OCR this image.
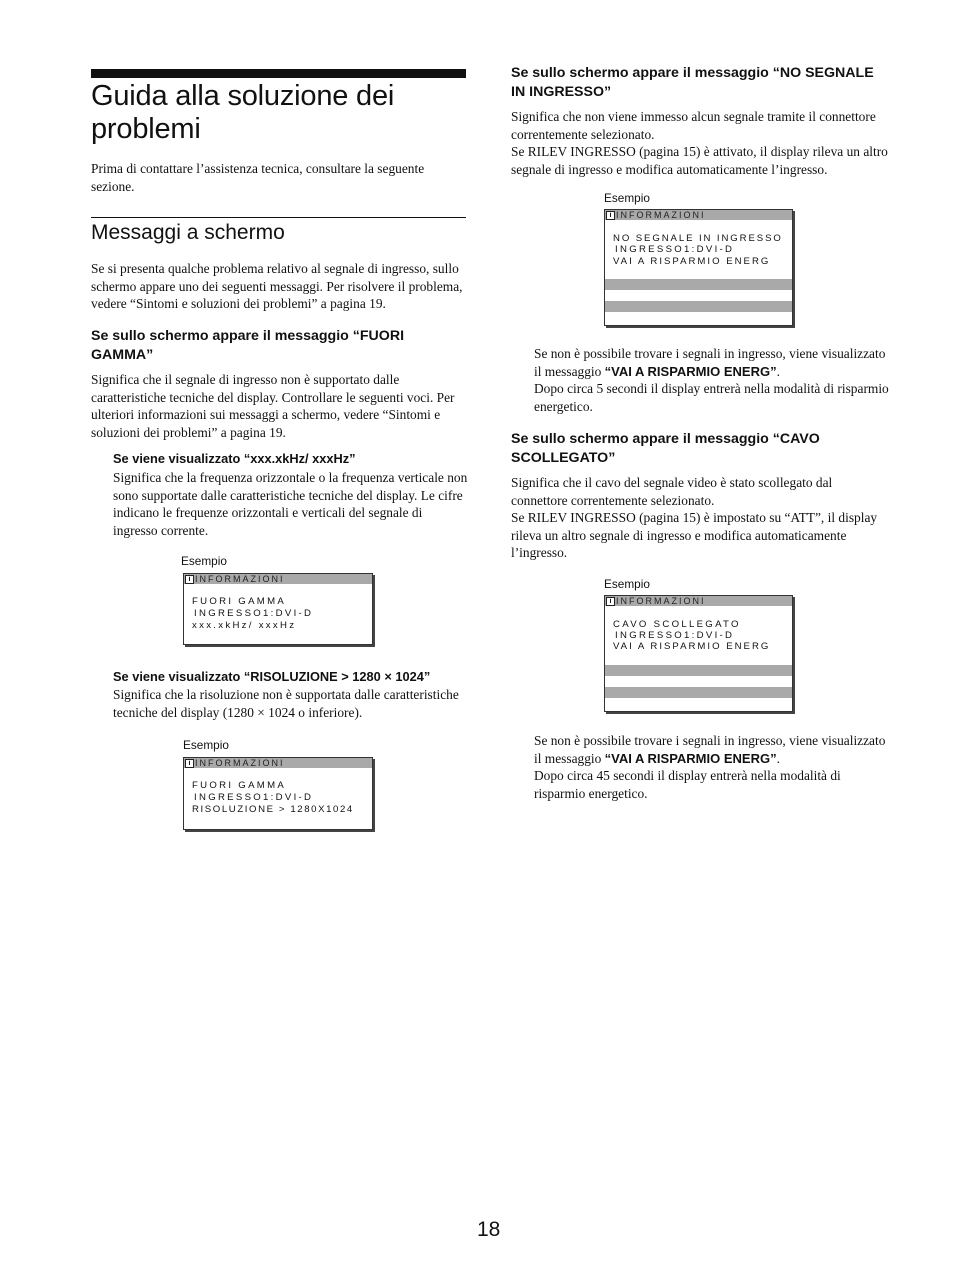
Guida alla soluzione dei problemi
Prima di contattare l’assistenza tecnica, consultare la seguente sezione.
Messaggi a schermo
Se si presenta qualche problema relativo al segnale di ingresso, sullo schermo appare uno dei seguenti messaggi. Per risolvere il problema, vedere “Sintomi e soluzioni dei problemi” a pagina 19.
Se sullo schermo appare il messaggio “FUORI GAMMA”
Significa che il segnale di ingresso non è supportato dalle caratteristiche tecniche del display. Controllare le seguenti voci. Per ulteriori informazioni sui messaggi a schermo, vedere “Sintomi e soluzioni dei problemi” a pagina 19.
Se viene visualizzato “xxx.xkHz/ xxxHz”
Significa che la frequenza orizzontale o la frequenza verticale non sono supportate dalle caratteristiche tecniche del display. Le cifre indicano le frequenze orizzontali e verticali del segnale di ingresso corrente.
Esempio
i INFORMAZIONI
FUORI GAMMA
INGRESSO1:DVI-D
xxx.xkHz/ xxxHz
Se viene visualizzato “RISOLUZIONE > 1280 × 1024”
Significa che la risoluzione non è supportata dalle caratteristiche tecniche del display (1280 × 1024 o inferiore).
Esempio
i INFORMAZIONI
FUORI GAMMA
INGRESSO1:DVI-D
RISOLUZIONE > 1280X1024
Se sullo schermo appare il messaggio “NO SEGNALE IN INGRESSO”
Significa che non viene immesso alcun segnale tramite il connettore correntemente selezionato.
Se RILEV INGRESSO (pagina 15) è attivato, il display rileva un altro segnale di ingresso e modifica automaticamente l’ingresso.
Esempio
i INFORMAZIONI
NO SEGNALE IN INGRESSO
INGRESSO1:DVI-D
VAI A RISPARMIO ENERG
Se non è possibile trovare i segnali in ingresso, viene visualizzato il messaggio “VAI A RISPARMIO ENERG”.
Dopo circa 5 secondi il display entrerà nella modalità di risparmio energetico.
Se sullo schermo appare il messaggio “CAVO SCOLLEGATO”
Significa che il cavo del segnale video è stato scollegato dal connettore correntemente selezionato.
Se RILEV INGRESSO (pagina 15) è impostato su “ATT”, il display rileva un altro segnale di ingresso e modifica automaticamente l’ingresso.
Esempio
i INFORMAZIONI
CAVO SCOLLEGATO
INGRESSO1:DVI-D
VAI A RISPARMIO ENERG
Se non è possibile trovare i segnali in ingresso, viene visualizzato il messaggio “VAI A RISPARMIO ENERG”.
Dopo circa 45 secondi il display entrerà nella modalità di risparmio energetico.
18
